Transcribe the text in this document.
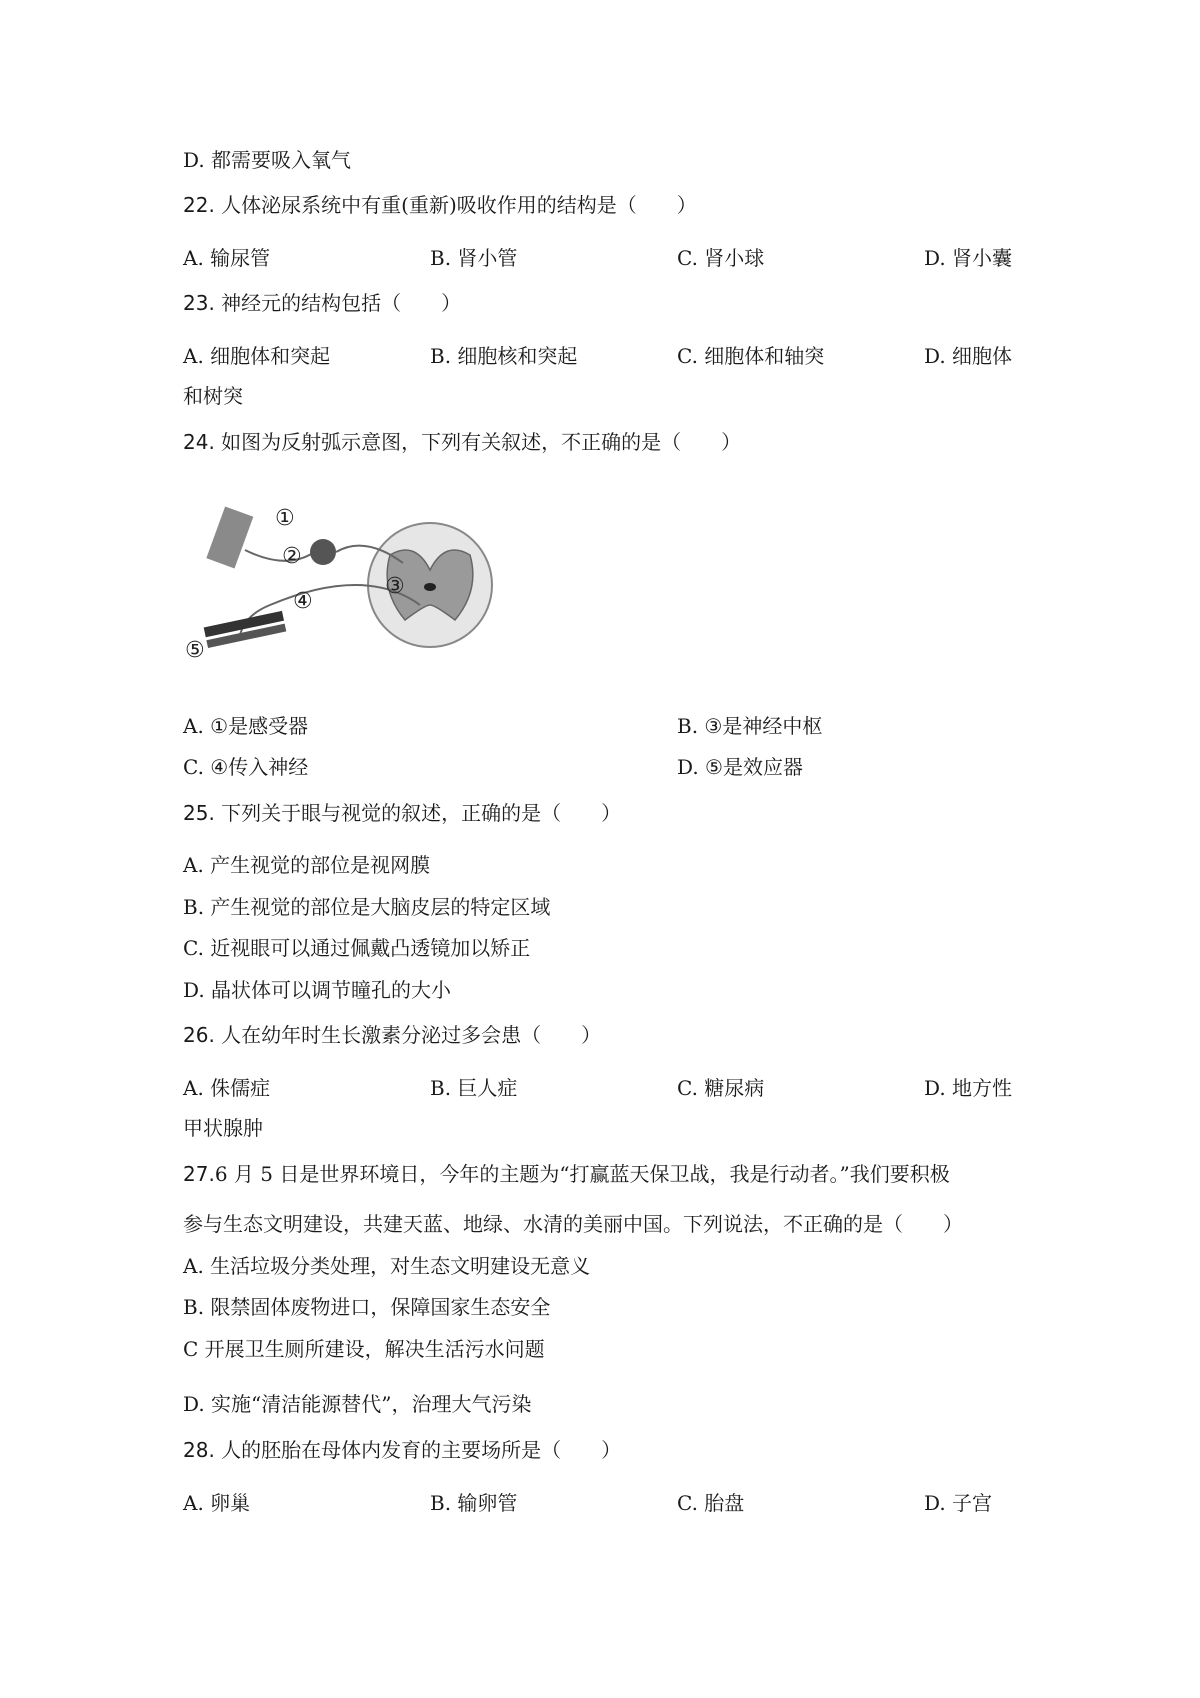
D. 都需要吸入氧气
22. 人体泌尿系统中有重(重新)吸收作用的结构是（　　）
A. 输尿管	B. 肾小管	C. 肾小球	D. 肾小囊
23. 神经元的结构包括（　　）
A. 细胞体和突起	B. 细胞核和突起	C. 细胞体和轴突	D. 细胞体
和树突
24. 如图为反射弧示意图，下列有关叙述，不正确的是（　　）
①
②
③
④
⑤
A. ①是感受器	B. ③是神经中枢
C. ④传入神经	D. ⑤是效应器
25. 下列关于眼与视觉的叙述，正确的是（　　）
A. 产生视觉的部位是视网膜
B. 产生视觉的部位是大脑皮层的特定区域
C. 近视眼可以通过佩戴凸透镜加以矫正
D. 晶状体可以调节瞳孔的大小
26. 人在幼年时生长激素分泌过多会患（　　）
A. 侏儒症	B. 巨人症	C. 糖尿病	D. 地方性
甲状腺肿
27.6 月 5 日是世界环境日，今年的主题为“打赢蓝天保卫战，我是行动者。”我们要积极
参与生态文明建设，共建天蓝、地绿、水清的美丽中国。下列说法，不正确的是（　　）
A. 生活垃圾分类处理，对生态文明建设无意义
B. 限禁固体废物进口，保障国家生态安全
C 开展卫生厕所建设，解决生活污水问题
D. 实施“清洁能源替代”，治理大气污染
28. 人的胚胎在母体内发育的主要场所是（　　）
A. 卵巢	B. 输卵管	C. 胎盘	D. 子宫
